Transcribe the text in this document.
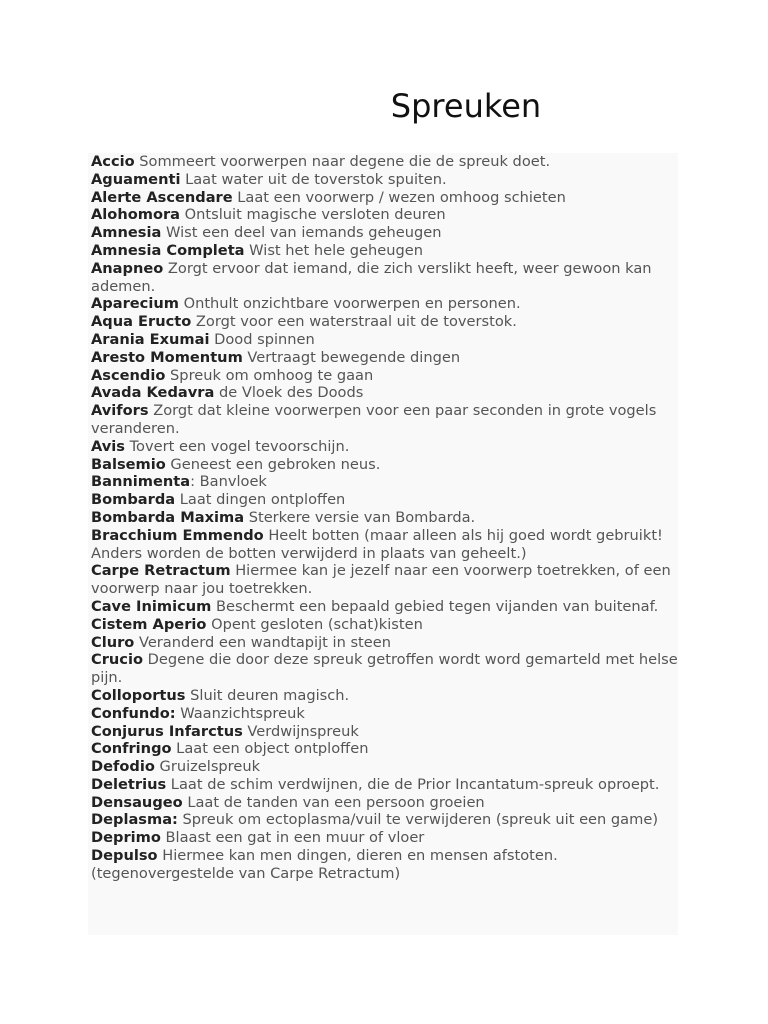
Spreuken

Accio Sommeert voorwerpen naar degene die de spreuk doet.

Aguamenti Laat water uit de toverstok spuiten.

Alerte Ascendare Laat een voorwerp / wezen omhoog schieten

Alohomora Ontsluit magische versloten deuren

Amnesia Wist een deel van iemands geheugen

Amnesia Completa Wist het hele geheugen

Anapneo Zorgt ervoor dat iemand, die zich verslikt heeft, weer gewoon kan ademen.

Aparecium Onthult onzichtbare voorwerpen en personen.

Aqua Eructo Zorgt voor een waterstraal uit de toverstok.

Arania Exumai Dood spinnen

Aresto Momentum Vertraagt bewegende dingen

Ascendio Spreuk om omhoog te gaan

Avada Kedavra de Vloek des Doods

Avifors Zorgt dat kleine voorwerpen voor een paar seconden in grote vogels veranderen.

Avis Tovert een vogel tevoorschijn.

Balsemio Geneest een gebroken neus.

Bannimenta: Banvloek

Bombarda Laat dingen ontploffen

Bombarda Maxima Sterkere versie van Bombarda.

Bracchium Emmendo Heelt botten (maar alleen als hij goed wordt gebruikt! Anders worden de botten verwijderd in plaats van geheelt.)

Carpe Retractum Hiermee kan je jezelf naar een voorwerp toetrekken, of een voorwerp naar jou toetrekken.

Cave Inimicum Beschermt een bepaald gebied tegen vijanden van buitenaf.

Cistem Aperio Opent gesloten (schat)kisten

Cluro Veranderd een wandtapijt in steen

Crucio Degene die door deze spreuk getroffen wordt word gemarteld met helse pijn.

Colloportus Sluit deuren magisch.

Confundo: Waanzichtspreuk

Conjurus Infarctus Verdwijnspreuk

Confringo Laat een object ontploffen

Defodio Gruizelspreuk

Deletrius Laat de schim verdwijnen, die de Prior Incantatum-spreuk oproept.

Densaugeo Laat de tanden van een persoon groeien

Deplasma: Spreuk om ectoplasma/vuil te verwijderen (spreuk uit een game)

Deprimo Blaast een gat in een muur of vloer

Depulso Hiermee kan men dingen, dieren en mensen afstoten. (tegenovergestelde van Carpe Retractum)
